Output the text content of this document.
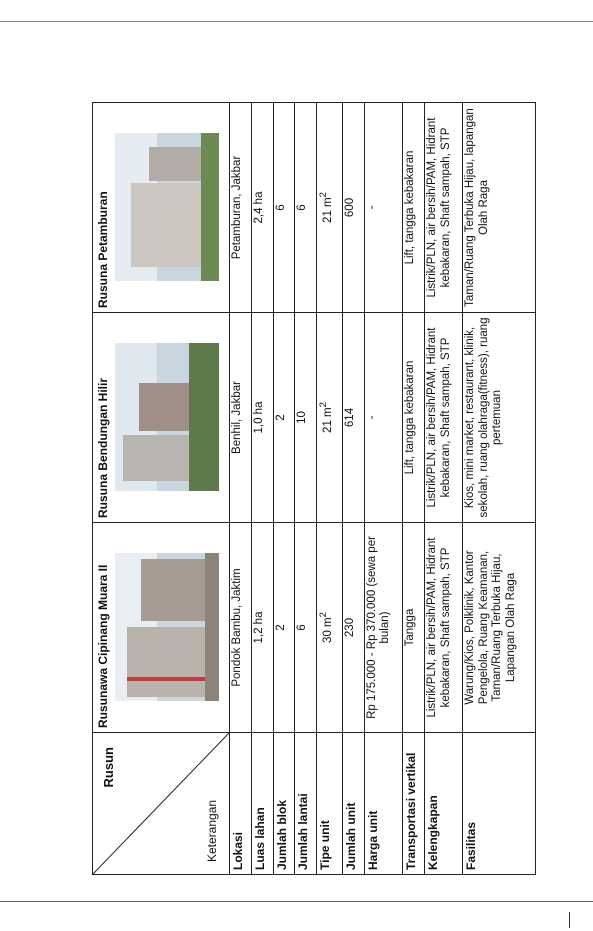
Rusun
Keterangan	Rusunawa Cipinang Muara II	Rusuna Bendungan Hilir	Rusuna Petamburan

Lokasi	Pondok Bambu, Jaktim	Benhil, Jakbar	Petamburan, Jakbar
Luas lahan	1,2 ha	1,0 ha	2,4 ha
Jumlah blok	2	2	6
Jumlah lantai	6	10	6
Tipe unit	30 $m^2$	21 $m^2$	21 $m^2$
Jumlah unit	230	614	600
Harga unit	Rp 175.000 - Rp 370.000 (sewa per bulan)	-	-
Transportasi vertikal	Tangga	Lift, tangga kebakaran	Lift, tangga kebakaran
Kelengkapan	Listrik/PLN, air bersih/PAM, Hidrant kebakaran, Shaft sampah, STP	Listrik/PLN, air bersih/PAM, Hidrant kebakaran, Shaft sampah, STP	Listrik/PLN, air bersih/PAM, Hidrant kebakaran, Shaft sampah, STP
Fasilitas	Warung/Kios, Polklinik, Kantor Pengelola, Ruang Keamanan, Taman/Ruang Terbuka Hijau, Lapangan Olah Raga	Kios, mini market, restaurant, klinik, sekolah, ruang olahraga(fitness), ruang pertemuan	Taman/Ruang Terbuka Hijau, lapangan Olah Raga
